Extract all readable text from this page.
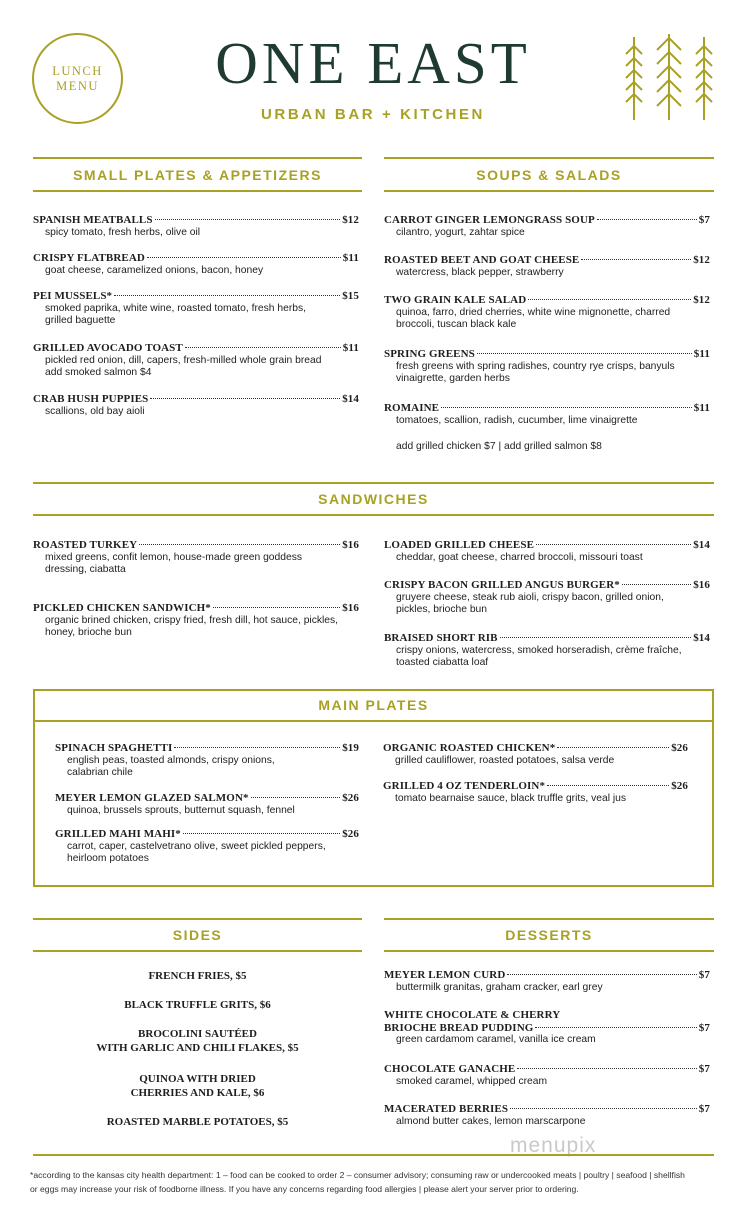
LUNCH
MENU	ONE EAST
URBAN BAR + KITCHEN
SMALL PLATES & APPETIZERS	SOUPS & SALADS
SPANISH MEATBALLS	$12
spicy tomato, fresh herbs, olive oil
CRISPY FLATBREAD	$11
goat cheese, caramelized onions, bacon, honey
PEI MUSSELS*	$15
smoked paprika, white wine, roasted tomato, fresh herbs,
grilled baguette
GRILLED AVOCADO TOAST	$11
pickled red onion, dill, capers, fresh-milled whole grain bread
add smoked salmon $4
CRAB HUSH PUPPIES	$14
scallions, old bay aioli
CARROT GINGER LEMONGRASS SOUP	$7
cilantro, yogurt, zahtar spice
ROASTED BEET AND GOAT CHEESE	$12
watercress, black pepper, strawberry
TWO GRAIN KALE SALAD	$12
quinoa, farro, dried cherries, white wine mignonette, charred
broccoli, tuscan black kale
SPRING GREENS	$11
fresh greens with spring radishes, country rye crisps, banyuls
vinaigrette, garden herbs
ROMAINE	$11
tomatoes, scallion, radish, cucumber, lime vinaigrette
add grilled chicken $7 | add grilled salmon $8
SANDWICHES
ROASTED TURKEY	$16
mixed greens, confit lemon, house-made green goddess
dressing, ciabatta
PICKLED CHICKEN SANDWICH*	$16
organic brined chicken, crispy fried, fresh dill, hot sauce, pickles,
honey, brioche bun
LOADED GRILLED CHEESE	$14
cheddar, goat cheese, charred broccoli, missouri toast
CRISPY BACON GRILLED ANGUS BURGER*	$16
gruyere cheese, steak rub aioli, crispy bacon, grilled onion,
pickles, brioche bun
BRAISED SHORT RIB	$14
crispy onions, watercress, smoked horseradish, crème fraîche,
toasted ciabatta loaf
MAIN PLATES
SPINACH SPAGHETTI	$19
english peas, toasted almonds, crispy onions,
calabrian chile
MEYER LEMON GLAZED SALMON*	$26
quinoa, brussels sprouts, butternut squash, fennel
GRILLED MAHI MAHI*	$26
carrot, caper, castelvetrano olive, sweet pickled peppers,
heirloom potatoes
ORGANIC ROASTED CHICKEN*	$26
grilled cauliflower, roasted potatoes, salsa verde
GRILLED 4 OZ TENDERLOIN*	$26
tomato bearnaise sauce, black truffle grits, veal jus
SIDES	DESSERTS
FRENCH FRIES, $5
BLACK TRUFFLE GRITS, $6
BROCOLINI SAUTÉED
WITH GARLIC AND CHILI FLAKES, $5
QUINOA WITH DRIED
CHERRIES AND KALE, $6
ROASTED MARBLE POTATOES, $5
MEYER LEMON CURD	$7
buttermilk granitas, graham cracker, earl grey
WHITE CHOCOLATE & CHERRY
BRIOCHE BREAD PUDDING	$7
green cardamom caramel, vanilla ice cream
CHOCOLATE GANACHE	$7
smoked caramel, whipped cream
MACERATED BERRIES	$7
almond butter cakes, lemon marscarpone
menupix
*according to the kansas city health department: 1 – food can be cooked to order 2 – consumer advisory; consuming raw or undercooked meats | poultry | seafood | shellfish
or eggs may increase your risk of foodborne illness. If you have any concerns regarding food allergies | please alert your server prior to ordering.
